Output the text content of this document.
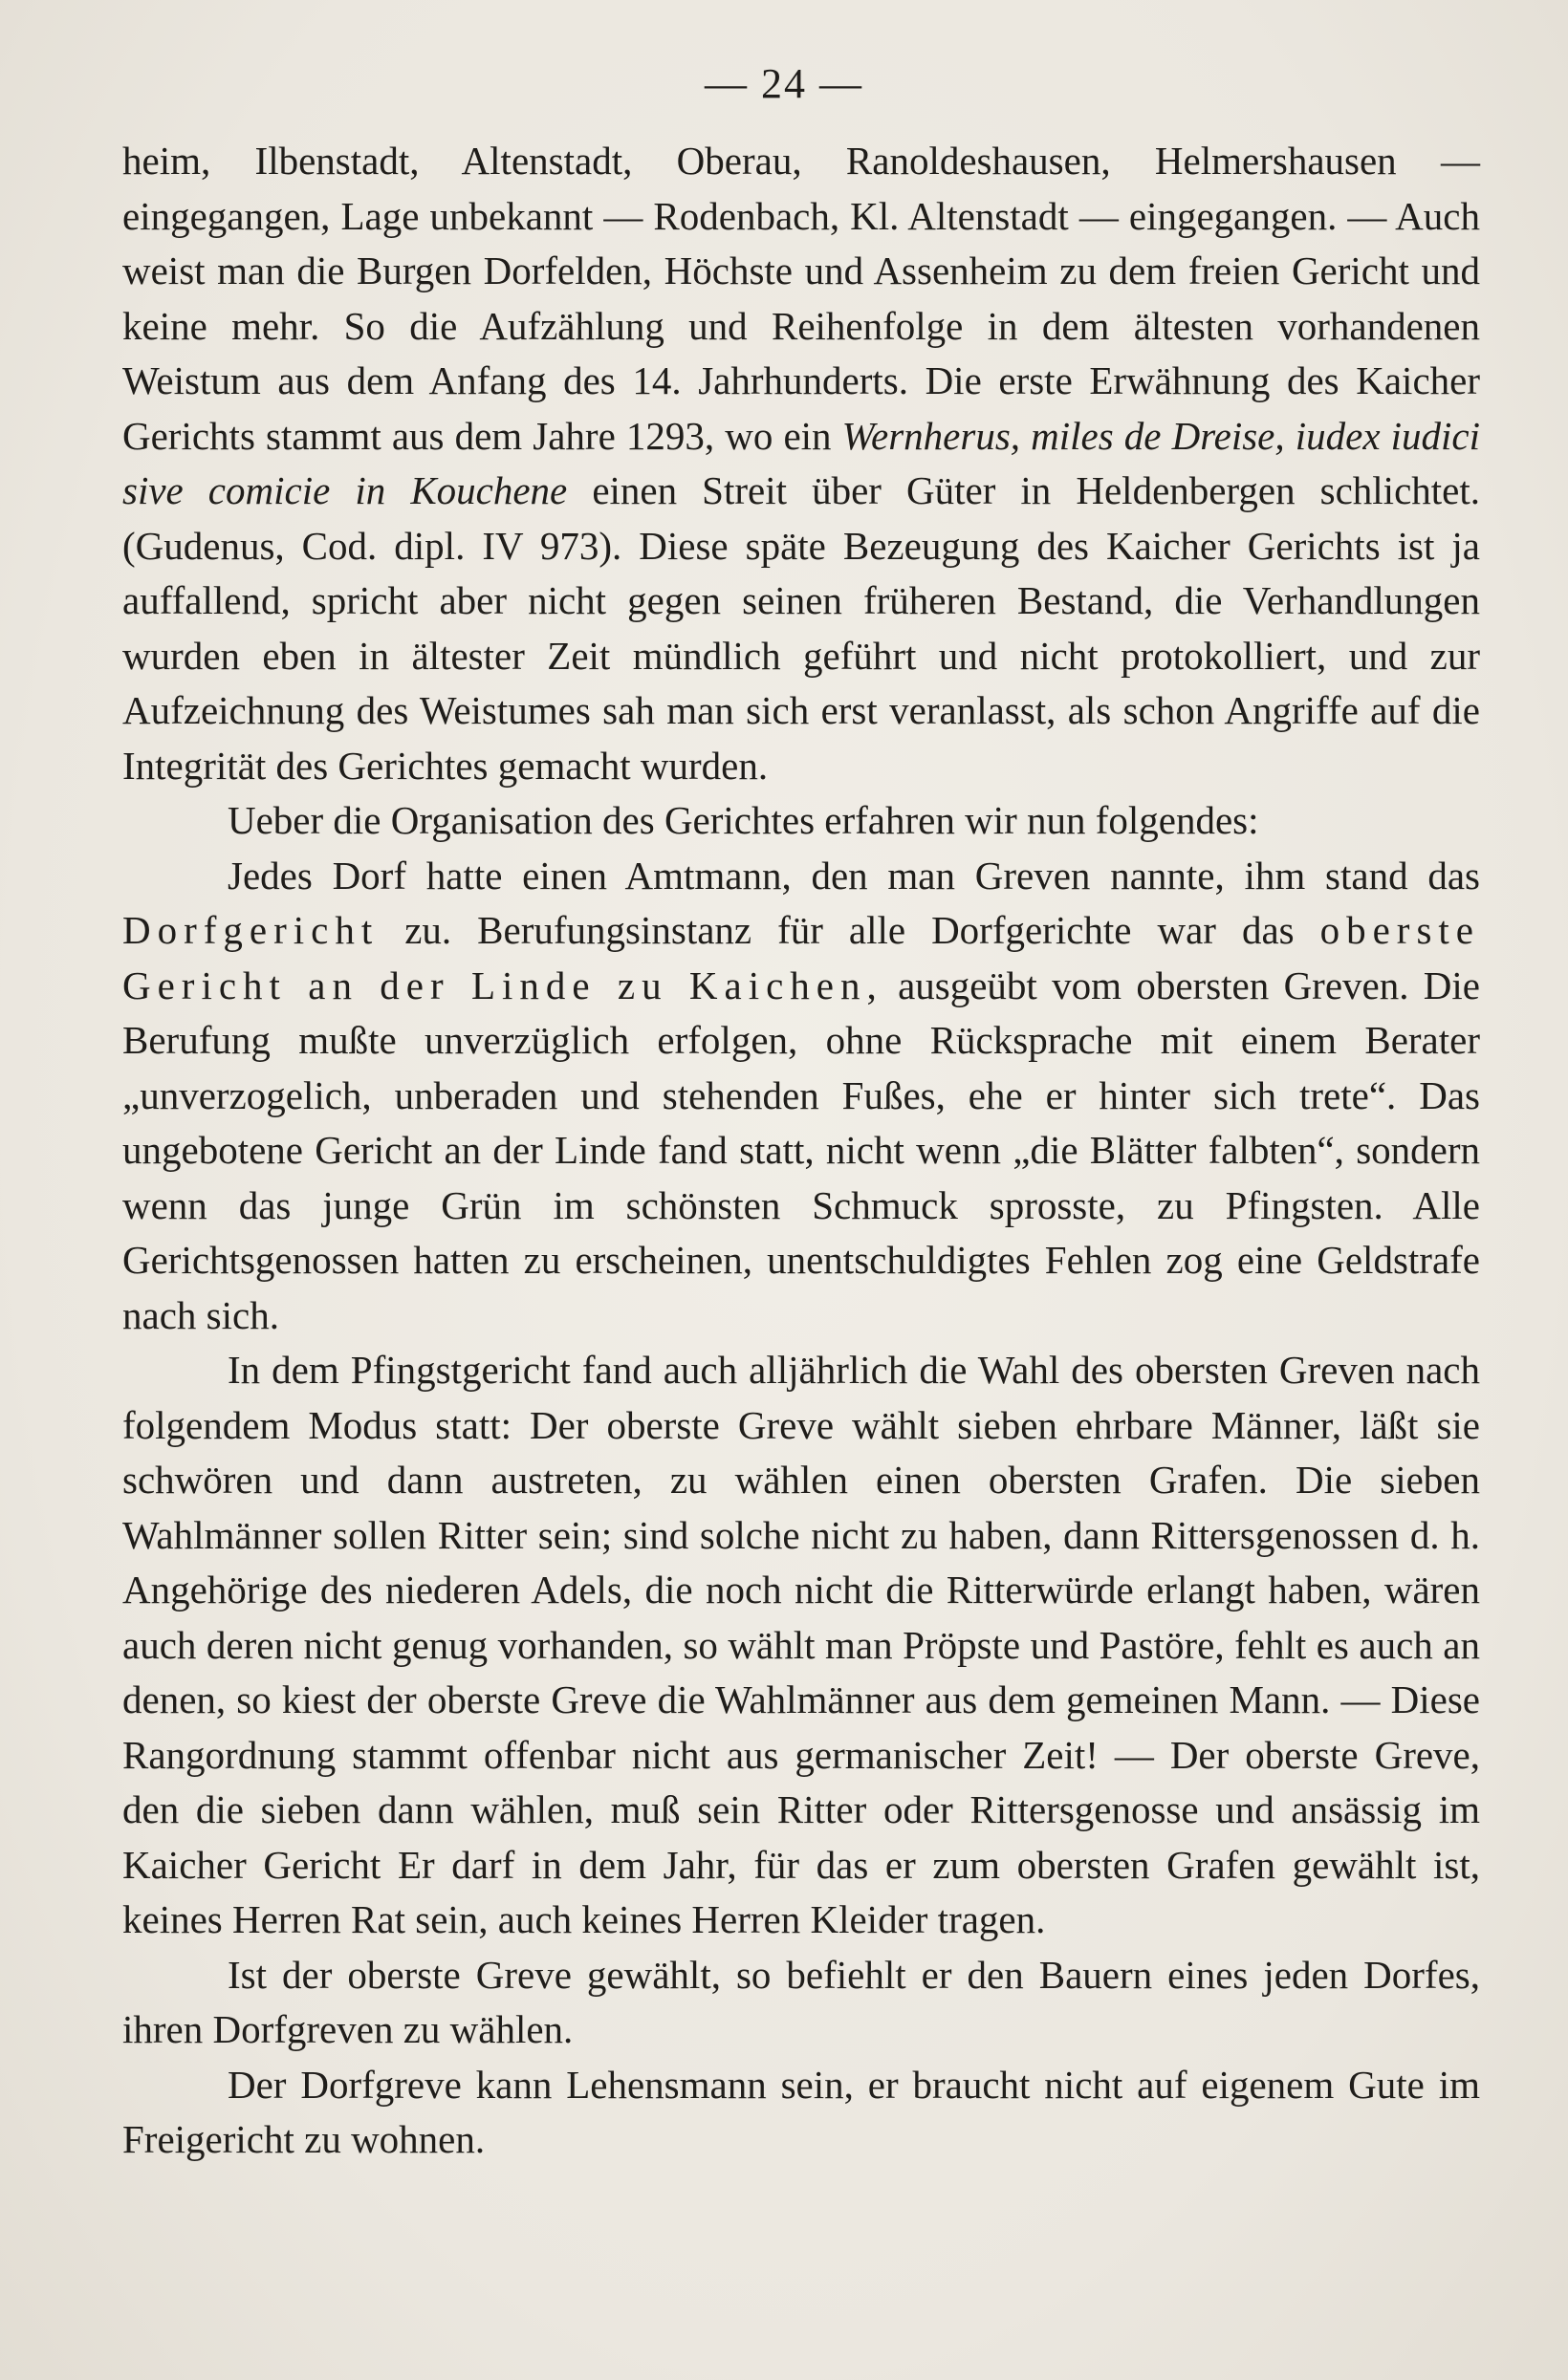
— 24 —

heim, Ilbenstadt, Altenstadt, Oberau, Ranoldeshausen, Helmershausen — eingegangen, Lage unbekannt — Rodenbach, Kl. Altenstadt — eingegangen. — Auch weist man die Burgen Dorfelden, Höchste und Assenheim zu dem freien Gericht und keine mehr. So die Aufzählung und Reihenfolge in dem ältesten vorhandenen Weistum aus dem Anfang des 14. Jahrhunderts. Die erste Erwähnung des Kaicher Gerichts stammt aus dem Jahre 1293, wo ein Wernherus, miles de Dreise, iudex iudici sive comicie in Kouchene einen Streit über Güter in Heldenbergen schlichtet. (Gudenus, Cod. dipl. IV 973). Diese späte Bezeugung des Kaicher Gerichts ist ja auffallend, spricht aber nicht gegen seinen früheren Bestand, die Verhandlungen wurden eben in ältester Zeit mündlich geführt und nicht protokolliert, und zur Aufzeichnung des Weistumes sah man sich erst veranlasst, als schon Angriffe auf die Integrität des Gerichtes gemacht wurden.

Ueber die Organisation des Gerichtes erfahren wir nun folgendes:

Jedes Dorf hatte einen Amtmann, den man Greven nannte, ihm stand das Dorfgericht zu. Berufungsinstanz für alle Dorfgerichte war das oberste Gericht an der Linde zu Kaichen, ausgeübt vom obersten Greven. Die Berufung mußte unverzüglich erfolgen, ohne Rücksprache mit einem Berater „unverzogelich, unberaden und stehenden Fußes, ehe er hinter sich trete“. Das ungebotene Gericht an der Linde fand statt, nicht wenn „die Blätter falbten“, sondern wenn das junge Grün im schönsten Schmuck sprosste, zu Pfingsten. Alle Gerichtsgenossen hatten zu erscheinen, unentschuldigtes Fehlen zog eine Geldstrafe nach sich.

In dem Pfingstgericht fand auch alljährlich die Wahl des obersten Greven nach folgendem Modus statt: Der oberste Greve wählt sieben ehrbare Männer, läßt sie schwören und dann austreten, zu wählen einen obersten Grafen. Die sieben Wahlmänner sollen Ritter sein; sind solche nicht zu haben, dann Rittersgenossen d. h. Angehörige des niederen Adels, die noch nicht die Ritterwürde erlangt haben, wären auch deren nicht genug vorhanden, so wählt man Pröpste und Pastöre, fehlt es auch an denen, so kiest der oberste Greve die Wahlmänner aus dem gemeinen Mann. — Diese Rangordnung stammt offenbar nicht aus germanischer Zeit! — Der oberste Greve, den die sieben dann wählen, muß sein Ritter oder Rittersgenosse und ansässig im Kaicher Gericht Er darf in dem Jahr, für das er zum obersten Grafen gewählt ist, keines Herren Rat sein, auch keines Herren Kleider tragen.

Ist der oberste Greve gewählt, so befiehlt er den Bauern eines jeden Dorfes, ihren Dorfgreven zu wählen.

Der Dorfgreve kann Lehensmann sein, er braucht nicht auf eigenem Gute im Freigericht zu wohnen.
